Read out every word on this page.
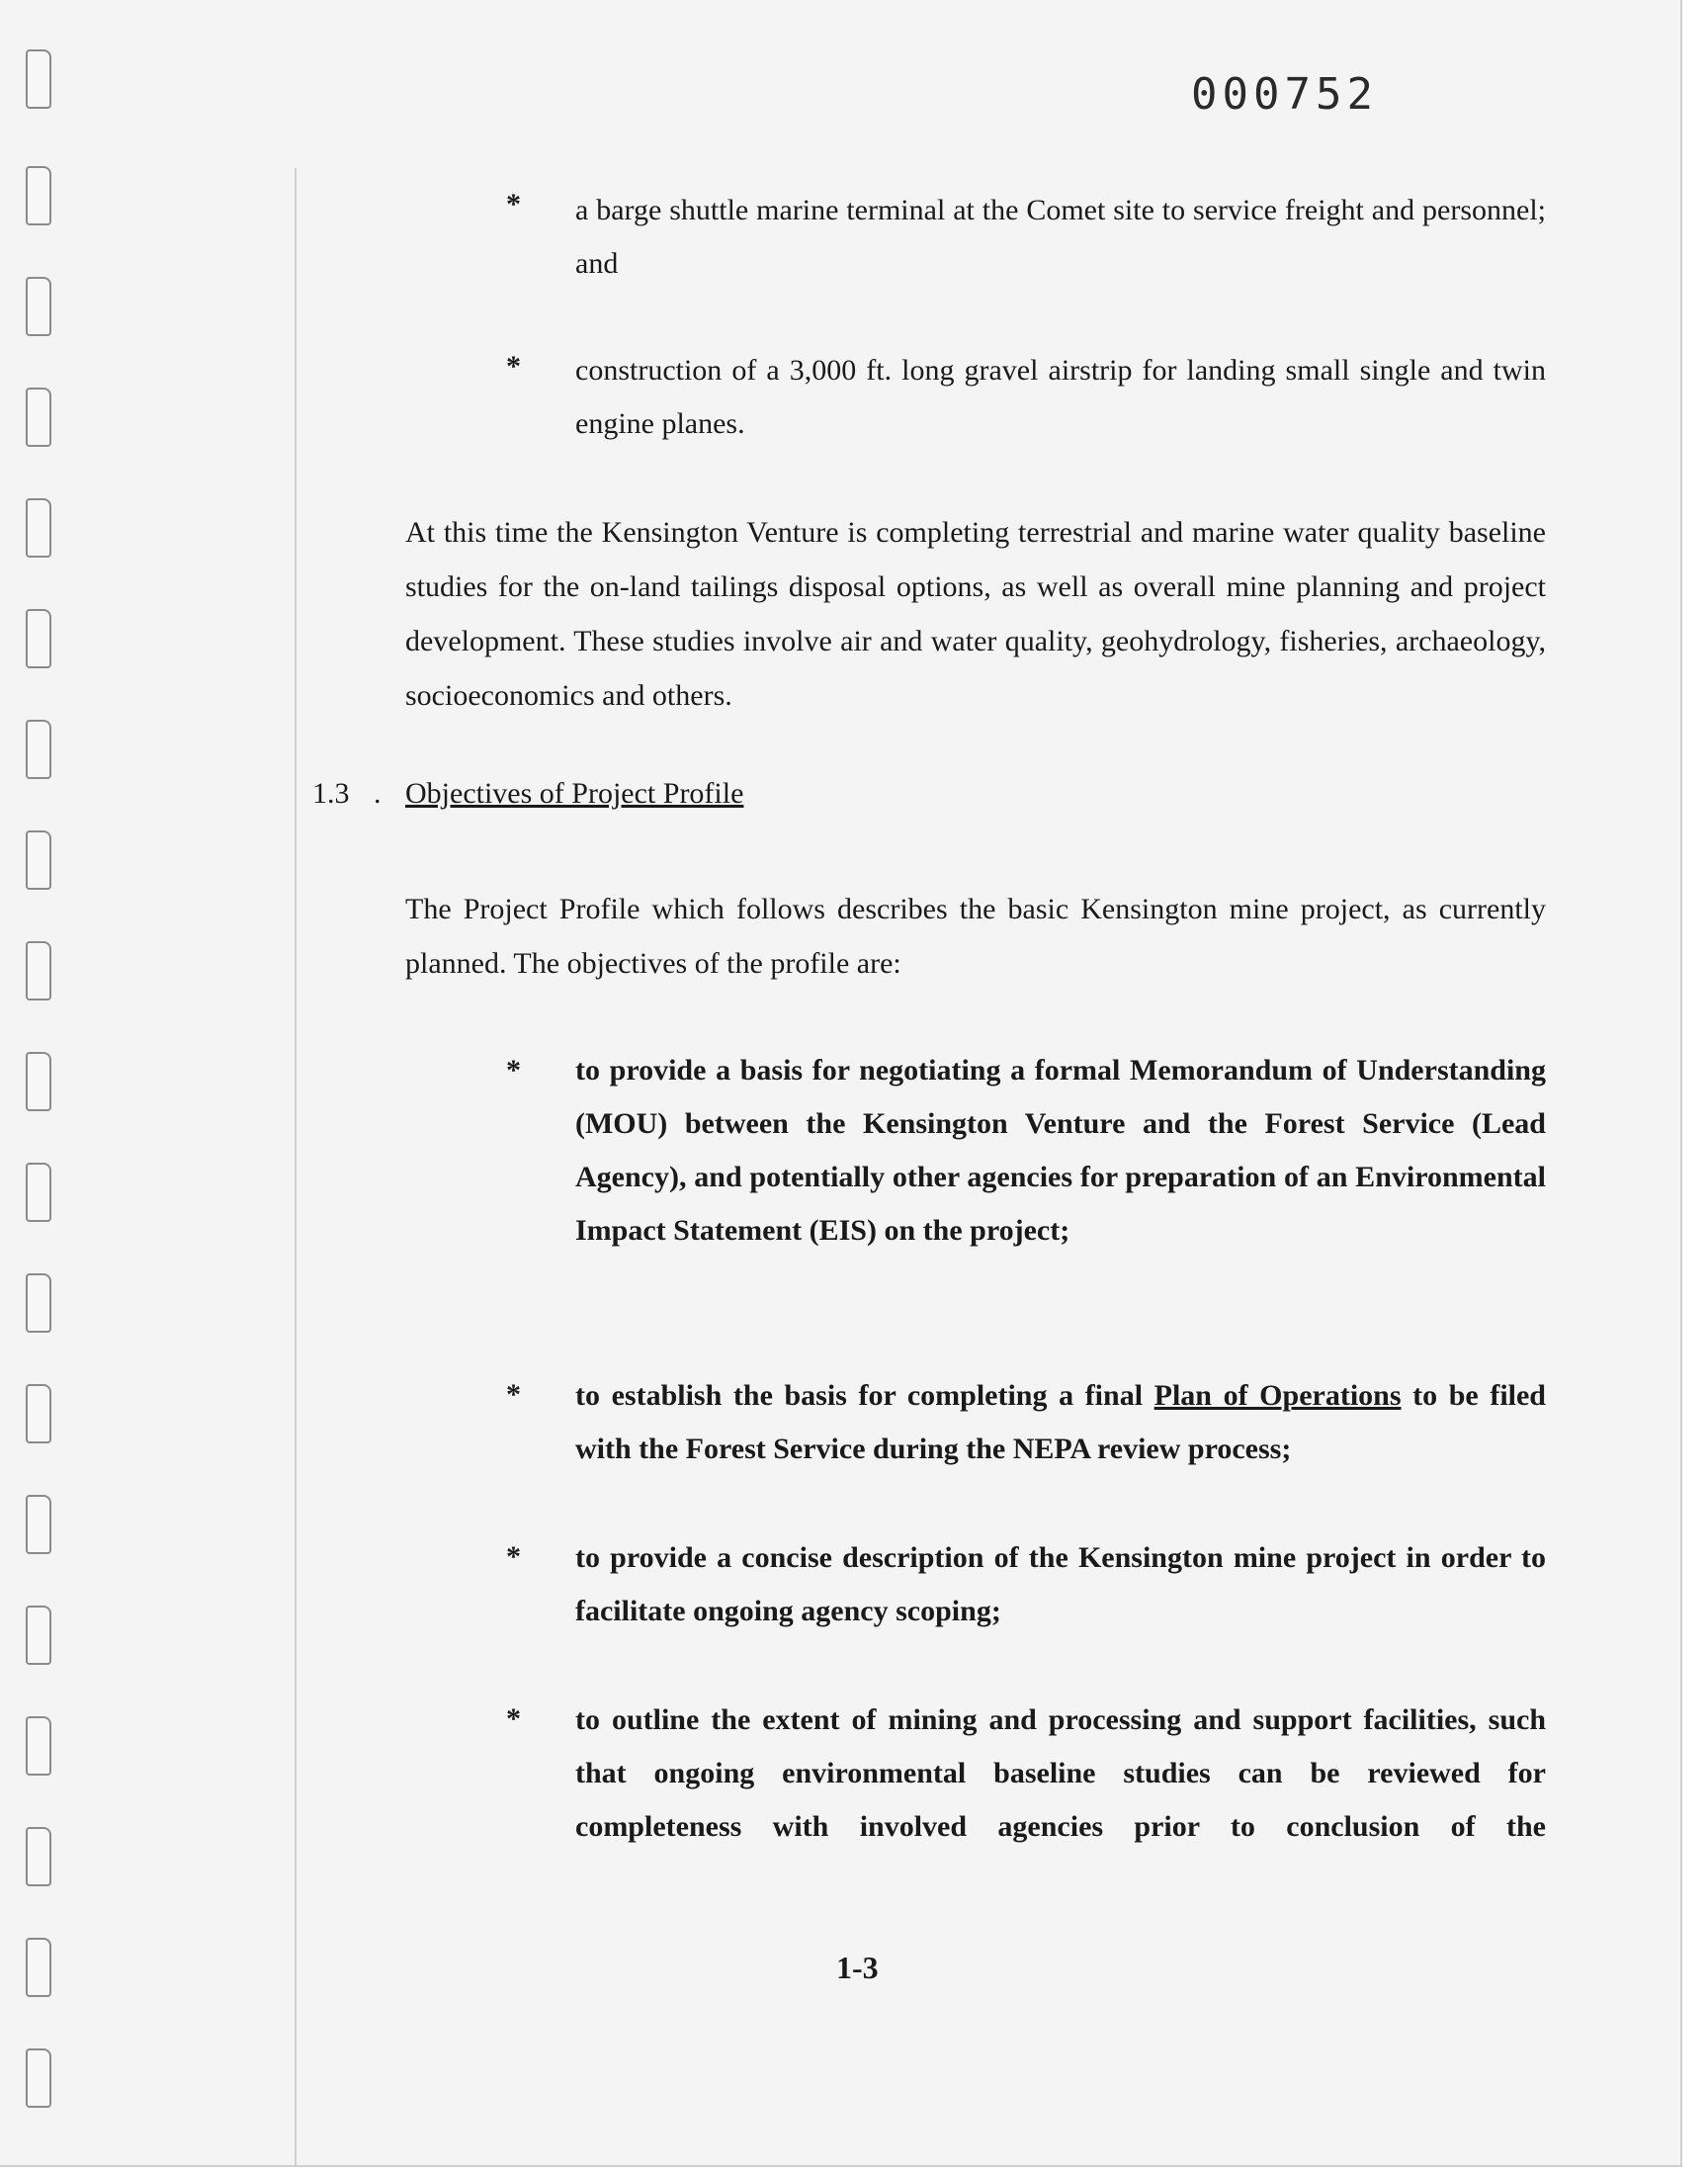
000752
* a barge shuttle marine terminal at the Comet site to service freight and personnel; and
* construction of a 3,000 ft. long gravel airstrip for landing small single and twin engine planes.
At this time the Kensington Venture is completing terrestrial and marine water quality baseline studies for the on-land tailings disposal options, as well as overall mine planning and project development. These studies involve air and water quality, geohydrology, fisheries, archaeology, socioeconomics and others.
1.3 . Objectives of Project Profile
The Project Profile which follows describes the basic Kensington mine project, as currently planned. The objectives of the profile are:
* to provide a basis for negotiating a formal Memorandum of Understanding (MOU) between the Kensington Venture and the Forest Service (Lead Agency), and potentially other agencies for preparation of an Environmental Impact Statement (EIS) on the project;
* to establish the basis for completing a final Plan of Operations to be filed with the Forest Service during the NEPA review process;
* to provide a concise description of the Kensington mine project in order to facilitate ongoing agency scoping;
* to outline the extent of mining and processing and support facilities, such that ongoing environmental baseline studies can be reviewed for completeness with involved agencies prior to conclusion of the
1-3
